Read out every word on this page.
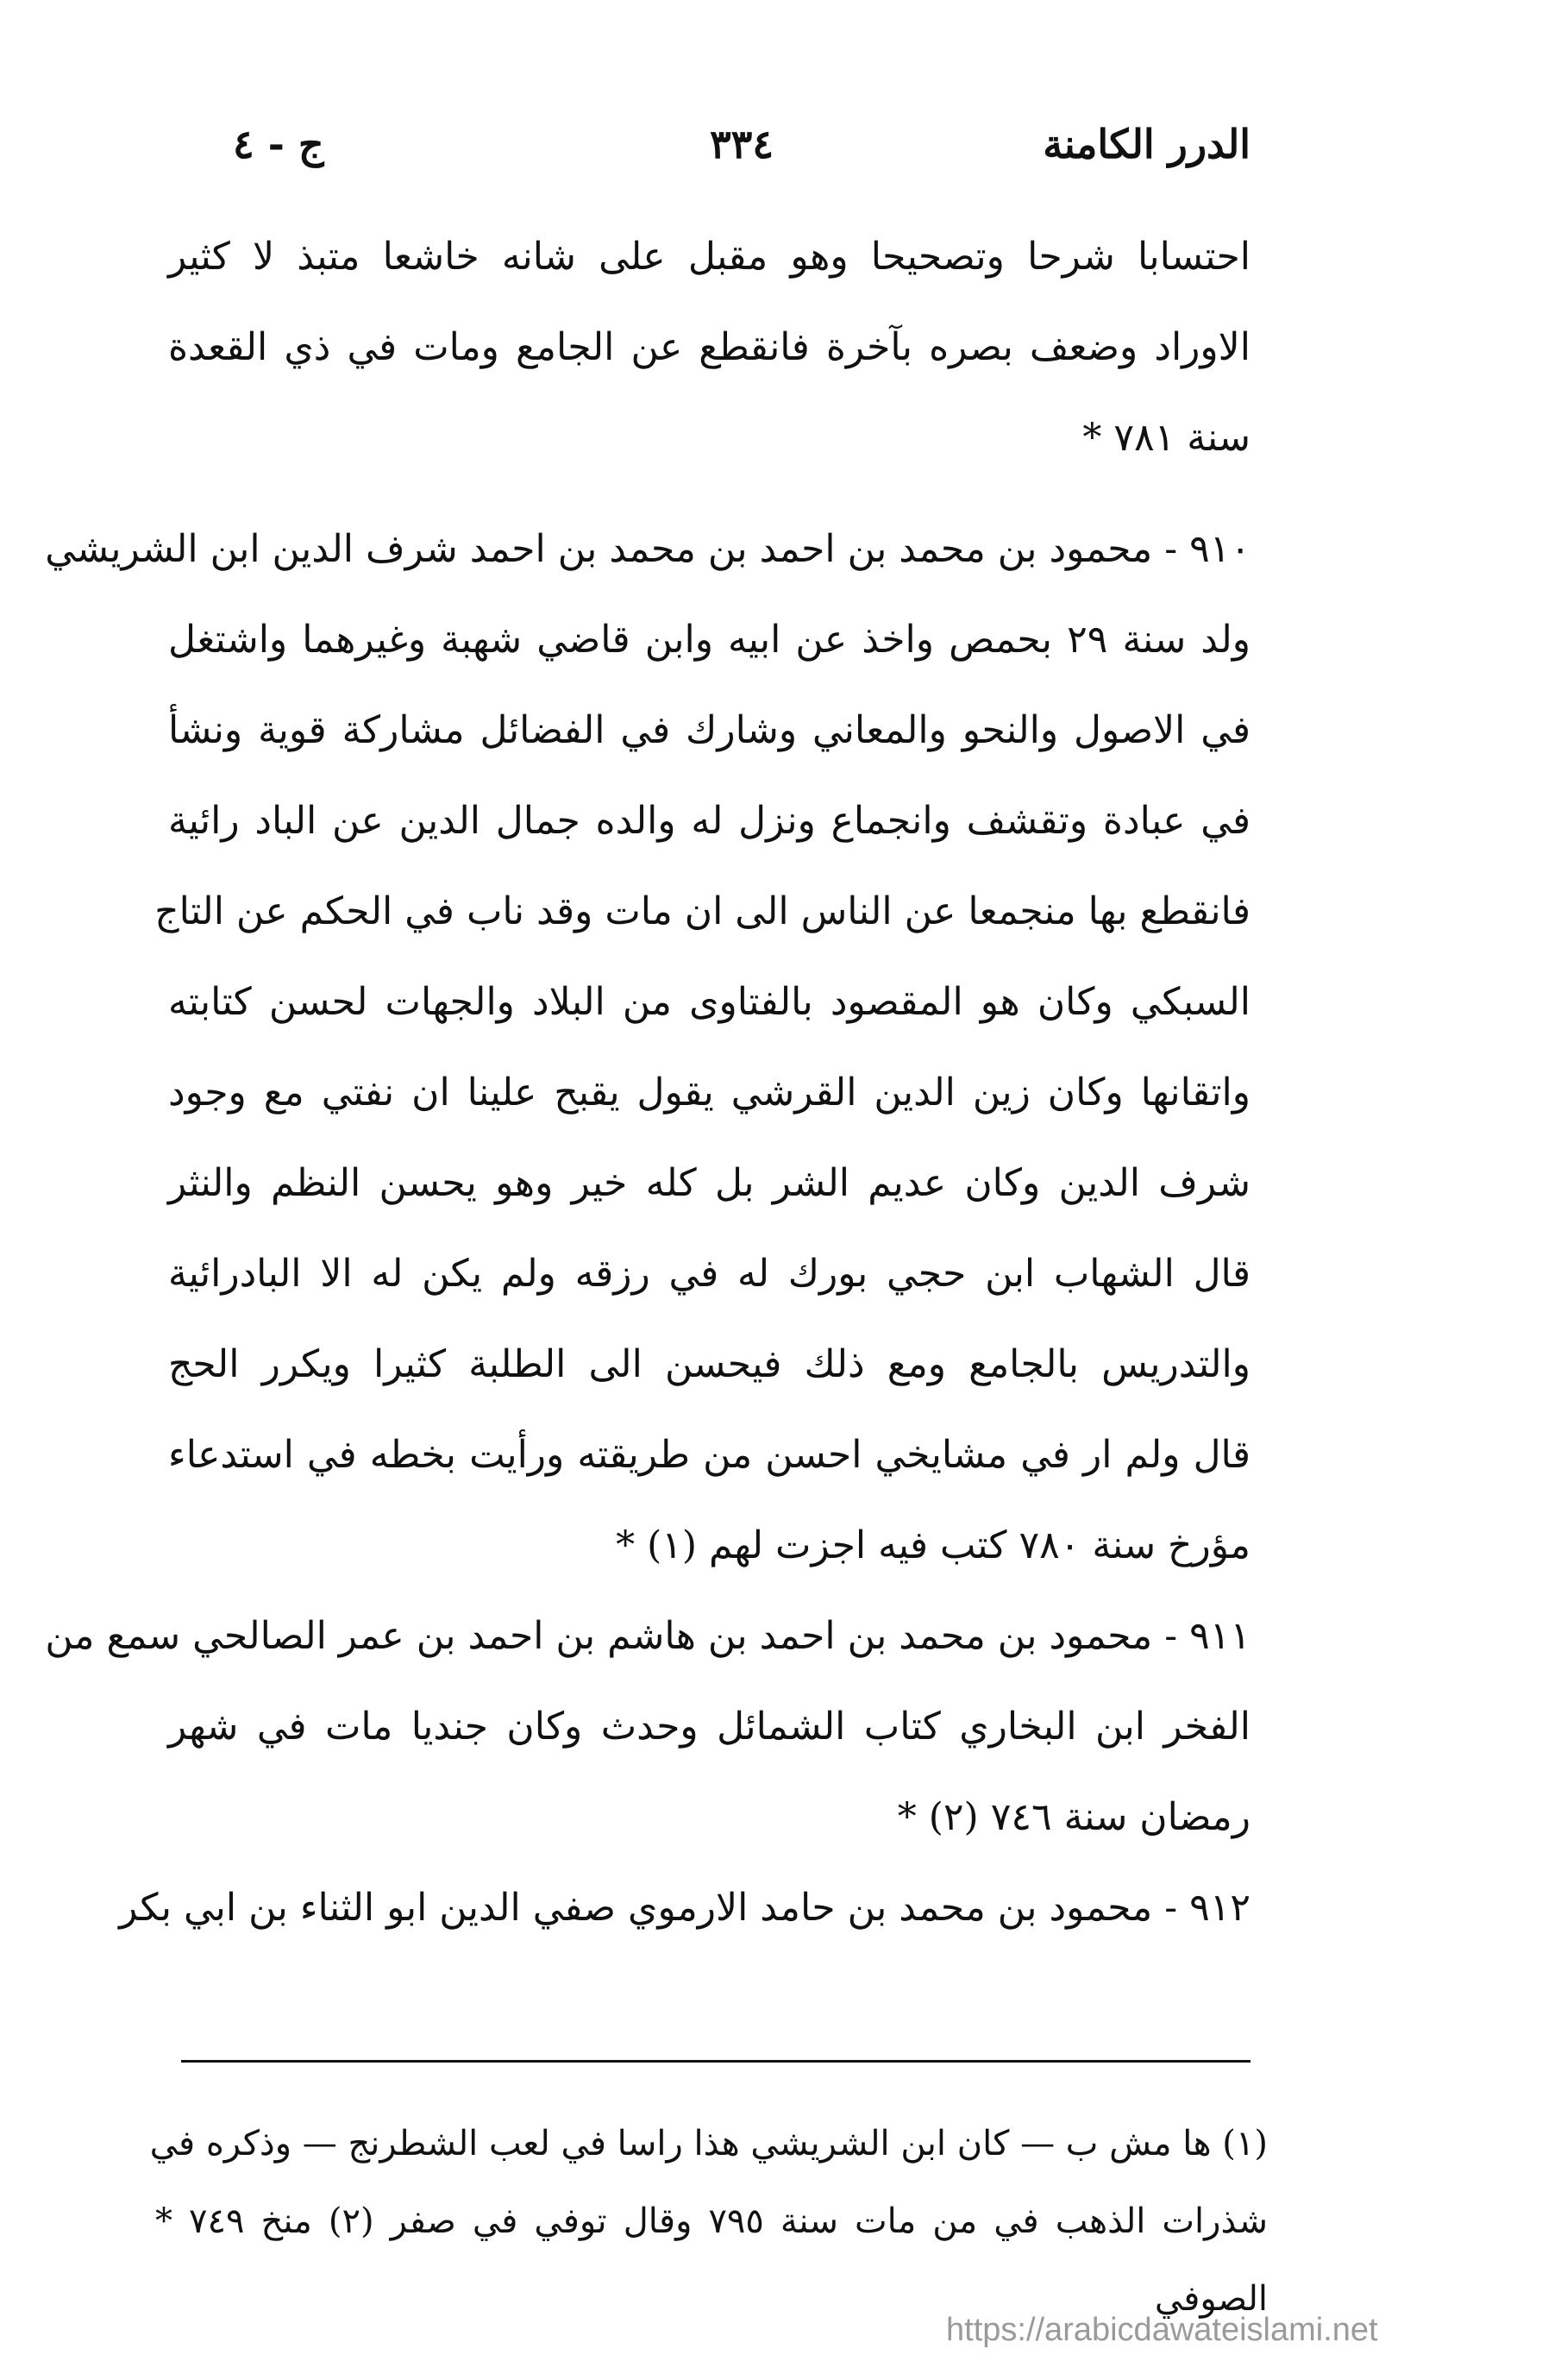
الدرر الكامنة
٣٣٤
ج - ٤
احتسابا شرحا وتصحيحا وهو مقبل على شانه خاشعا متبذ لا كثير
الاوراد وضعف بصره بآخرة فانقطع عن الجامع ومات في ذي القعدة
سنة ٧٨١ *
٩١٠ - محمود بن محمد بن احمد بن محمد بن احمد شرف الدين ابن الشريشي
ولد سنة ٢٩ بحمص واخذ عن ابيه وابن قاضي شهبة وغيرهما واشتغل
في الاصول والنحو والمعاني وشارك في الفضائل مشاركة قوية ونشأ
في عبادة وتقشف وانجماع ونزل له والده جمال الدين عن الباد رائية
فانقطع بها منجمعا عن الناس الى ان مات وقد ناب في الحكم عن التاج
السبكي وكان هو المقصود بالفتاوى من البلاد والجهات لحسن كتابته
واتقانها وكان زين الدين القرشي يقول يقبح علينا ان نفتي مع وجود
شرف الدين وكان عديم الشر بل كله خير وهو يحسن النظم والنثر
قال الشهاب ابن حجي بورك له في رزقه ولم يكن له الا البادرائية
والتدريس بالجامع ومع ذلك فيحسن الى الطلبة كثيرا ويكرر الحج
قال ولم ار في مشايخي احسن من طريقته ورأيت بخطه في استدعاء
مؤرخ سنة ٧٨٠ كتب فيه اجزت لهم (١) *
٩١١ - محمود بن محمد بن احمد بن هاشم بن احمد بن عمر الصالحي سمع من
الفخر ابن البخاري كتاب الشمائل وحدث وكان جنديا مات في شهر
رمضان سنة ٧٤٦ (٢) *
٩١٢ - محمود بن محمد بن حامد الارموي صفي الدين ابو الثناء بن ابي بكر
(١) ها مش ب — كان ابن الشريشي هذا راسا في لعب الشطرنج — وذكره في
شذرات الذهب في من مات سنة ٧٩٥ وقال توفي في صفر (٢) منخ ٧٤٩ *
الصوفي
https://arabicdawateislami.net
